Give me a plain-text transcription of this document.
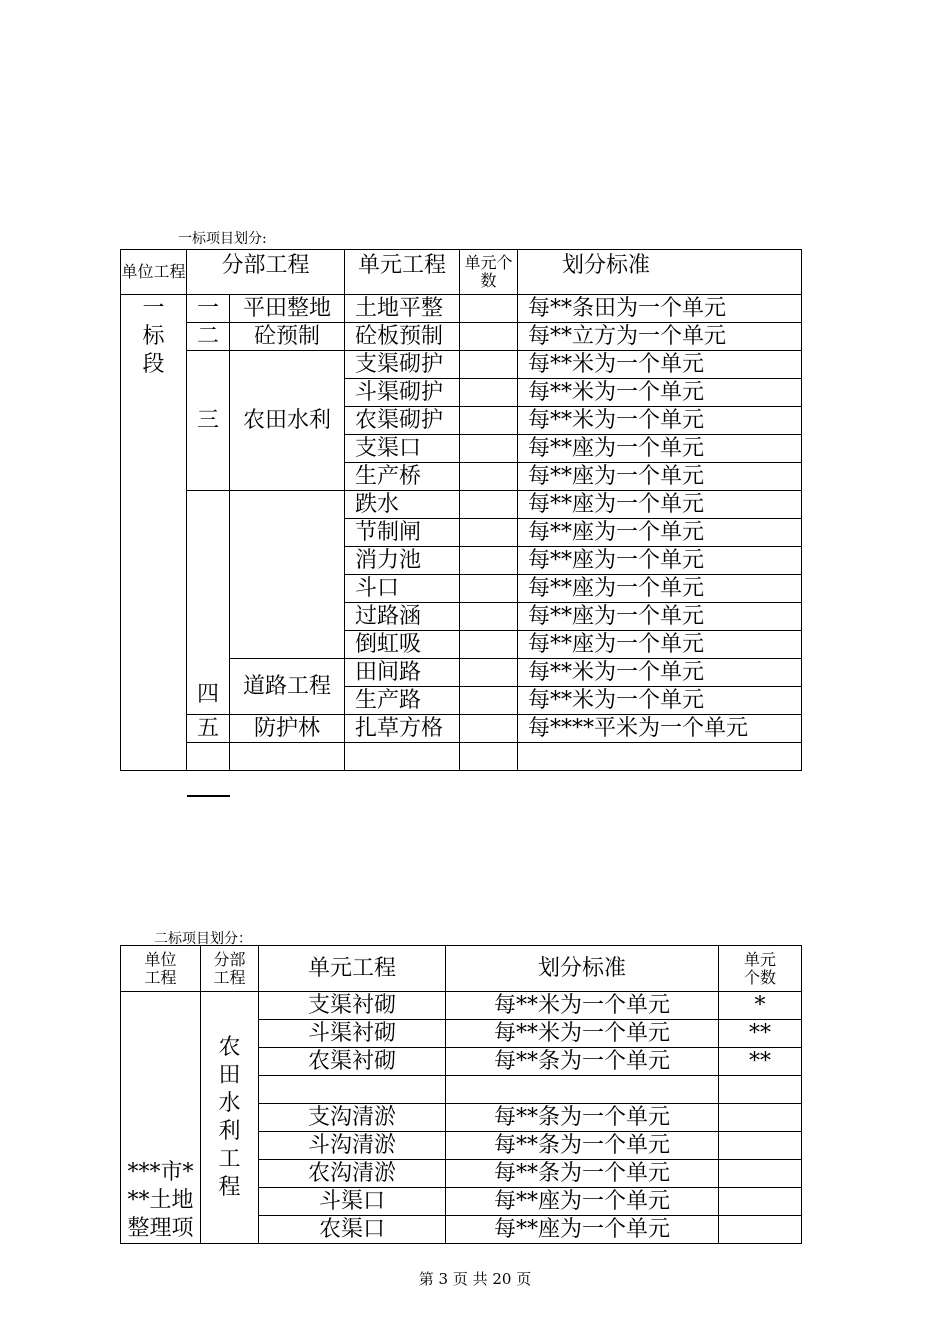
一标项目划分:
单位工程	分部工程		单元工程	单元个数	划分标准
一标段	一	平田整地	土地平整		每**条田为一个单元
	二	砼预制	砼板预制		每**立方为一个单元
	三	农田水利	支渠砌护		每**米为一个单元
			斗渠砌护		每**米为一个单元
			农渠砌护		每**米为一个单元
			支渠口		每**座为一个单元
			生产桥		每**座为一个单元
	四		跌水		每**座为一个单元
			节制闸		每**座为一个单元
			消力池		每**座为一个单元
			斗口		每**座为一个单元
			过路涵		每**座为一个单元
			倒虹吸		每**座为一个单元
		道路工程	田间路		每**米为一个单元
			生产路		每**米为一个单元
	五	防护林	扎草方格		每****平米为一个单元

二标项目划分：
单位工程	分部工程	单元工程	划分标准	单元个数
***市***土地整理项	农田水利工程	支渠衬砌	每**米为一个单元	*
		斗渠衬砌	每**米为一个单元	**
		农渠衬砌	每**条为一个单元	**

		支沟清淤	每**条为一个单元	
		斗沟清淤	每**条为一个单元	
		农沟清淤	每**条为一个单元	
		斗渠口	每**座为一个单元	
		农渠口	每**座为一个单元	
第 3 页 共 20 页
